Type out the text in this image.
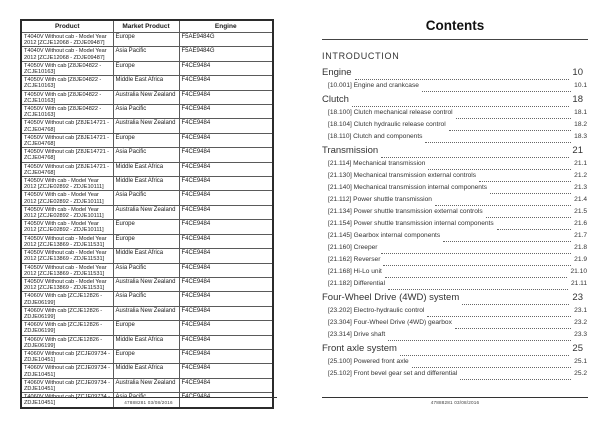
Product	Market Product	Engine
T4040V Without cab - Model Year 2012 [ZCJE12068 - ZDJE09487]	Europe	F5AE9484G
T4040V Without cab - Model Year 2012 [ZCJE12068 - ZDJE09487]	Asia Pacific	F5AE9484G
T4050V With cab [Z8JE04822 - ZCJE10163]	Europe	F4CE9484
T4050V With cab [Z8JE04822 - ZCJE10163]	Middle East Africa	F4CE9484
T4050V With cab [Z8JE04822 - ZCJE10163]	Australia New Zealand	F4CE9484
T4050V With cab [Z8JE04822 - ZCJE10163]	Asia Pacific	F4CE9484
T4050V Without cab [Z8JE14721 - ZCJE04768]	Australia New Zealand	F4CE9484
T4050V Without cab [Z8JE14721 - ZCJE04768]	Europe	F4CE9484
T4050V Without cab [Z8JE14721 - ZCJE04768]	Asia Pacific	F4CE9484
T4050V Without cab [Z8JE14721 - ZCJE04768]	Middle East Africa	F4CE9484
T4050V With cab - Model Year 2012 [ZCJE02892 - ZDJE10111]	Middle East Africa	F4CE9484
T4050V With cab - Model Year 2012 [ZCJE02892 - ZDJE10111]	Asia Pacific	F4CE9484
T4050V With cab - Model Year 2012 [ZCJE02892 - ZDJE10111]	Australia New Zealand	F4CE9484
T4050V With cab - Model Year 2012 [ZCJE02892 - ZDJE10111]	Europe	F4CE9484
T4050V Without cab - Model Year 2012 [ZCJE13869 - ZDJE11531]	Europe	F4CE9484
T4050V Without cab - Model Year 2012 [ZCJE13869 - ZDJE11531]	Middle East Africa	F4CE9484
T4050V Without cab - Model Year 2012 [ZCJE13869 - ZDJE11531]	Asia Pacific	F4CE9484
T4050V Without cab - Model Year 2012 [ZCJE13869 - ZDJE11531]	Australia New Zealand	F4CE9484
T4060V With cab [ZCJE12826 - ZDJE06199]	Asia Pacific	F4CE9484
T4060V With cab [ZCJE12826 - ZDJE06199]	Australia New Zealand	F4CE9484
T4060V With cab [ZCJE12826 - ZDJE06199]	Europe	F4CE9484
T4060V With cab [ZCJE12826 - ZDJE06199]	Middle East Africa	F4CE9484
T4060V Without cab [ZCJE09734 - ZDJE10451]	Europe	F4CE9484
T4060V Without cab [ZCJE09734 - ZDJE10451]	Middle East Africa	F4CE9484
T4060V Without cab [ZCJE09734 - ZDJE10451]	Australia New Zealand	F4CE9484
T4060V Without cab [ZCJE09734 - ZDJE10451]	Asia Pacific	F4CE9484
Contents
INTRODUCTION
Engine	10
[10.001] Engine and crankcase	10.1
Clutch	18
[18.100] Clutch mechanical release control	18.1
[18.104] Clutch hydraulic release control	18.2
[18.110] Clutch and components	18.3
Transmission	21
[21.114] Mechanical transmission	21.1
[21.130] Mechanical transmission external controls	21.2
[21.140] Mechanical transmission internal components	21.3
[21.112] Power shuttle transmission	21.4
[21.134] Power shuttle transmission external controls	21.5
[21.154] Power shuttle transmission internal components	21.6
[21.145] Gearbox internal components	21.7
[21.160] Creeper	21.8
[21.162] Reverser	21.9
[21.168] Hi-Lo unit	21.10
[21.182] Differential	21.11
Four-Wheel Drive (4WD) system	23
[23.202] Electro-hydraulic control	23.1
[23.304] Four-Wheel Drive (4WD) gearbox	23.2
[23.314] Drive shaft	23.3
Front axle system	25
[25.100] Powered front axle	25.1
[25.102] Front bevel gear set and differential	25.2
47888281 03/08/2016	47888281 03/08/2016
